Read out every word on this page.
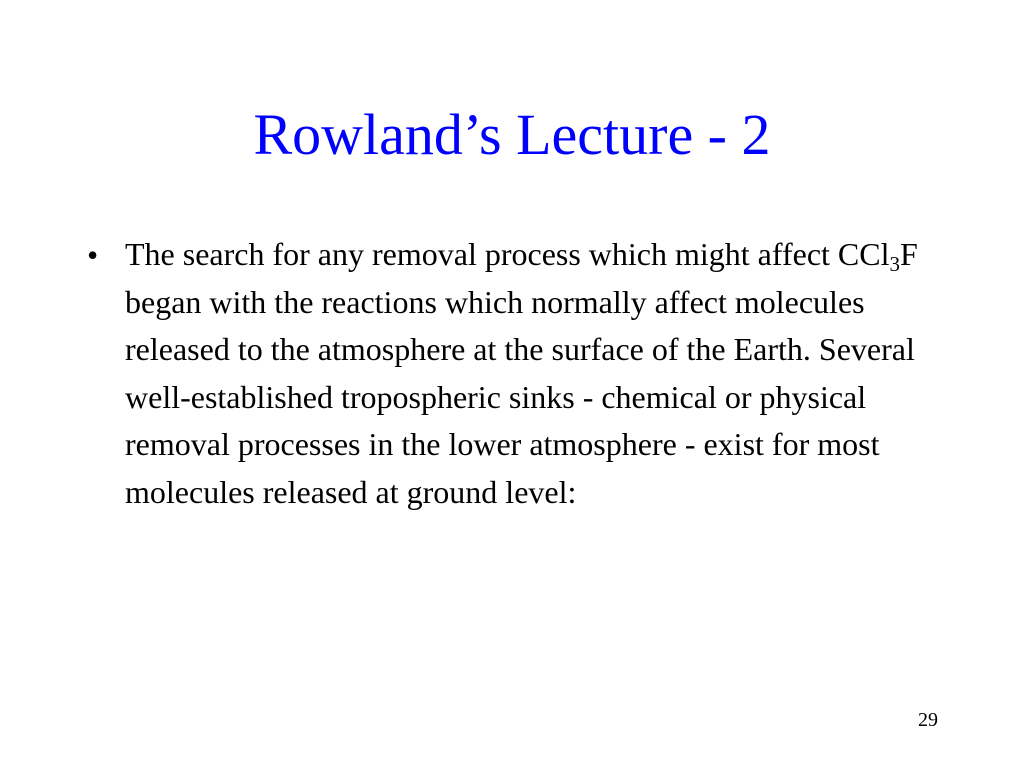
Rowland’s Lecture - 2
• The search for any removal process which might affect CCl$_3$F began with the reactions which normally affect molecules released to the atmosphere at the surface of the Earth. Several well-established tropospheric sinks - chemical or physical removal processes in the lower atmosphere - exist for most molecules released at ground level:

29
